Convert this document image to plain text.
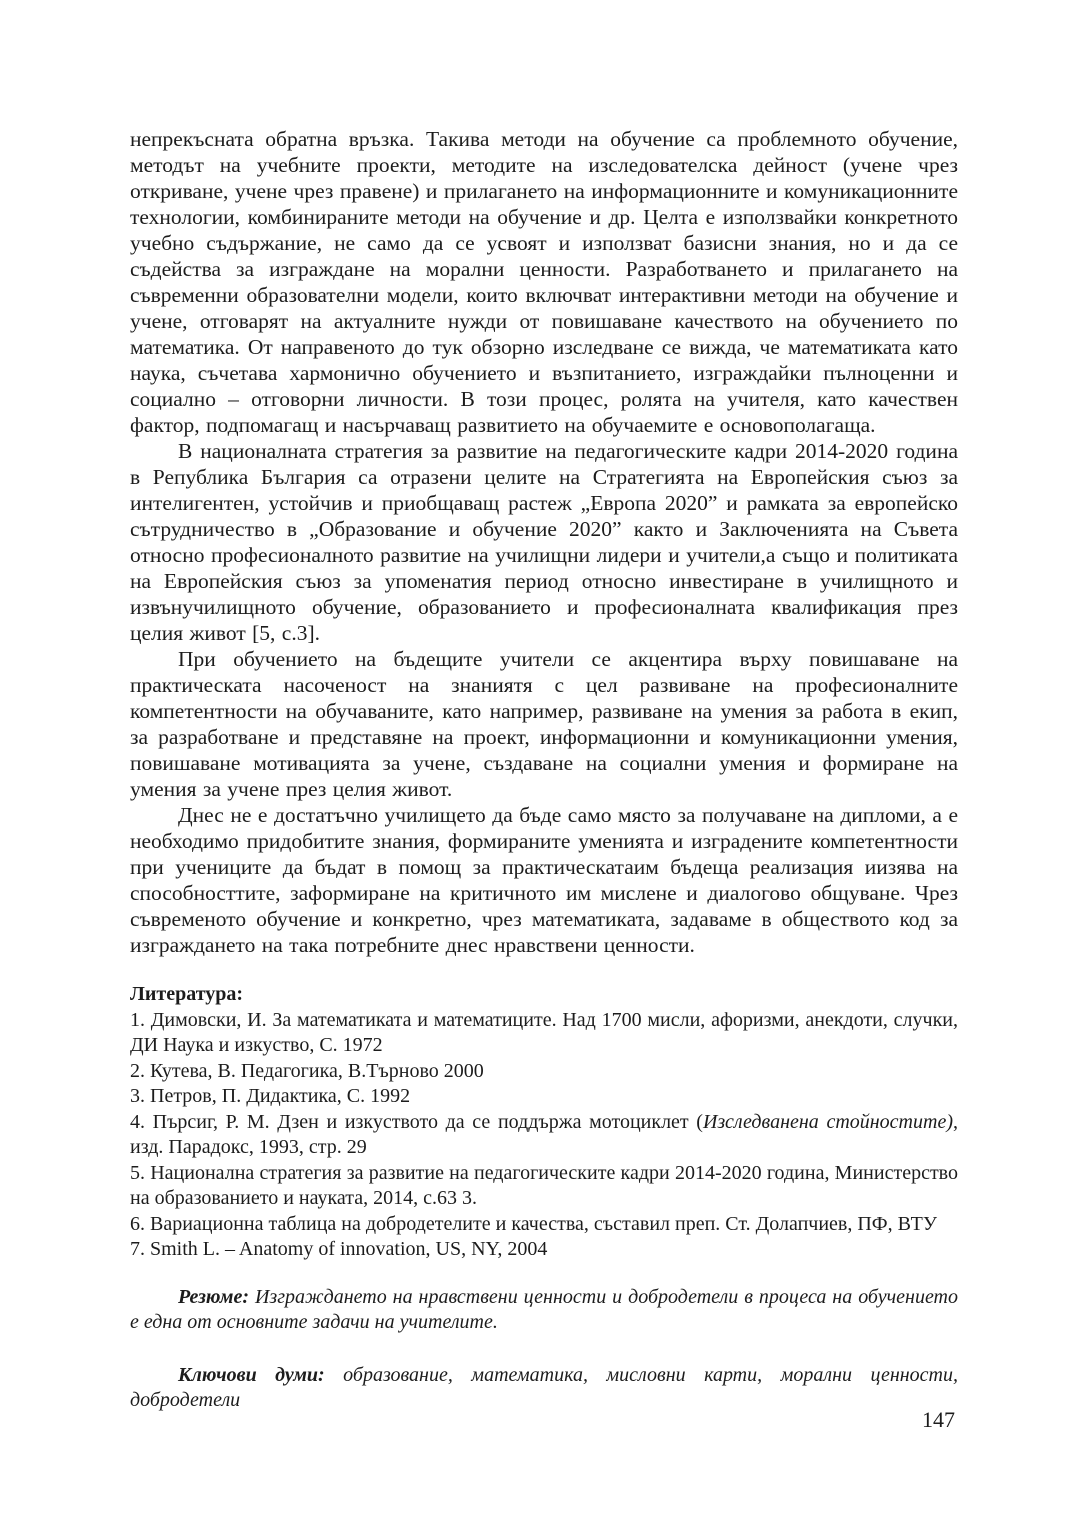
непрекъсната обратна връзка. Такива методи на обучение са проблемното обучение, методът на учебните проекти, методите на изследователска дейност (учене чрез откриване, учене чрез правене) и прилагането на информационните и комуникационните технологии, комбинираните методи на обучение и др. Целта е използвайки конкретното учебно съдържание, не само да се усвоят и използват базисни знания, но и да се съдейства за изграждане на морални ценности. Разработването и прилагането на съвременни образователни модели, които включват интерактивни методи на обучение и учене, отговарят на актуалните нужди от повишаване качеството на обучението по математика. От направеното до тук обзорно изследване се вижда, че математиката като наука, съчетава хармонично обучението и възпитанието, изграждайки пълноценни и социално – отговорни личности. В този процес, ролята на учителя, като качествен фактор, подпомагащ и насърчаващ развитието на обучаемите е основополагаща.

В националната стратегия за развитие на педагогическите кадри 2014-2020 година в Република България са отразени целите на Стратегията на Европейския съюз за интелигентен, устойчив и приобщаващ растеж „Европа 2020” и рамката за европейско сътрудничество в „Образование и обучение 2020” както и Заключенията на Съвета относно професионалното развитие на училищни лидери и учители,а също и политиката на Европейския съюз за упоменатия период относно инвестиране в училищното и извънучилищното обучение, образованието и професионалната квалификация през целия живот [5, с.3].

При обучението на бъдещите учители се акцентира върху повишаване на практическата насоченост на знаниятя с цел развиване на професионалните компетентности на обучаваните, като например, развиване на умения за работа в екип, за разработване и представяне на проект, информационни и комуникационни умения, повишаване мотивацията за учене, създаване на социални умения и формиране на умения за учене през целия живот.

Днес не е достатъчно училището да бъде само място за получаване на дипломи, а е необходимо придобитите знания, формираните уменията и изградените компетентности при учениците да бъдат в помощ за практическатаим бъдеща реализация иизява на способносттите, заформиране на критичното им мислене и диалогово общуване. Чрез съвременото обучение и конкретно, чрез математиката, задаваме в обществото код за изграждането на така потребните днес нравствени ценности.

Литература:

1. Димовски, И. За математиката и математиците. Над 1700 мисли, афоризми, анекдоти, случки, ДИ Наука и изкуство, С. 1972

2. Кутева, В. Педагогика, В.Търново 2000

3. Петров, П. Дидактика, С. 1992

4. Пърсиг, Р. М. Дзен и изкуството да се поддържа мотоциклет (Изследванена стойностите), изд. Парадокс, 1993, стр. 29

5. Национална стратегия за развитие на педагогическите кадри 2014-2020 година, Министерство на образованието и науката, 2014, с.63 3.

6. Вариационна таблица на добродетелите и качества, съставил преп. Ст. Долапчиев, ПФ, ВТУ

7. Smith L. – Anatomy of innovation, US, NY, 2004

Резюме: Изграждането на нравствени ценности и добродетели в процеса на обучението е една от основните задачи на учителите.

Ключови думи: образование, математика, мисловни карти, морални ценности, добродетели

147
